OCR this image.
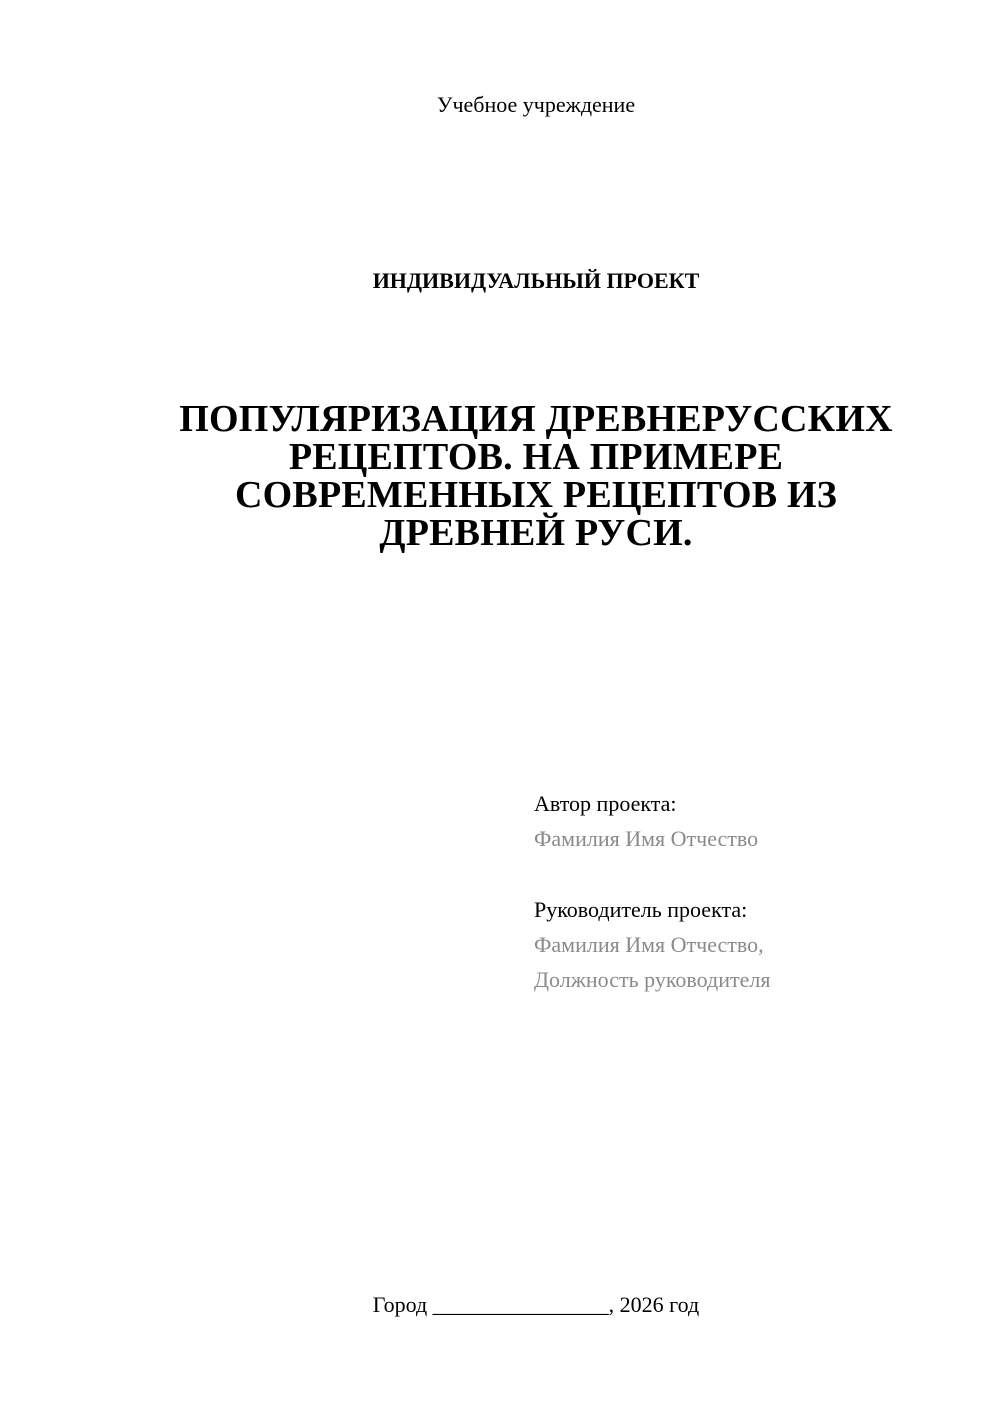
Учебное учреждение
ИНДИВИДУАЛЬНЫЙ ПРОЕКТ
ПОПУЛЯРИЗАЦИЯ ДРЕВНЕРУССКИХ
РЕЦЕПТОВ. НА ПРИМЕРЕ
СОВРЕМЕННЫХ РЕЦЕПТОВ ИЗ
ДРЕВНЕЙ РУСИ.
Автор проекта:
Фамилия Имя Отчество
Руководитель проекта:
Фамилия Имя Отчество,
Должность руководителя
Город ________________, 2026 год
